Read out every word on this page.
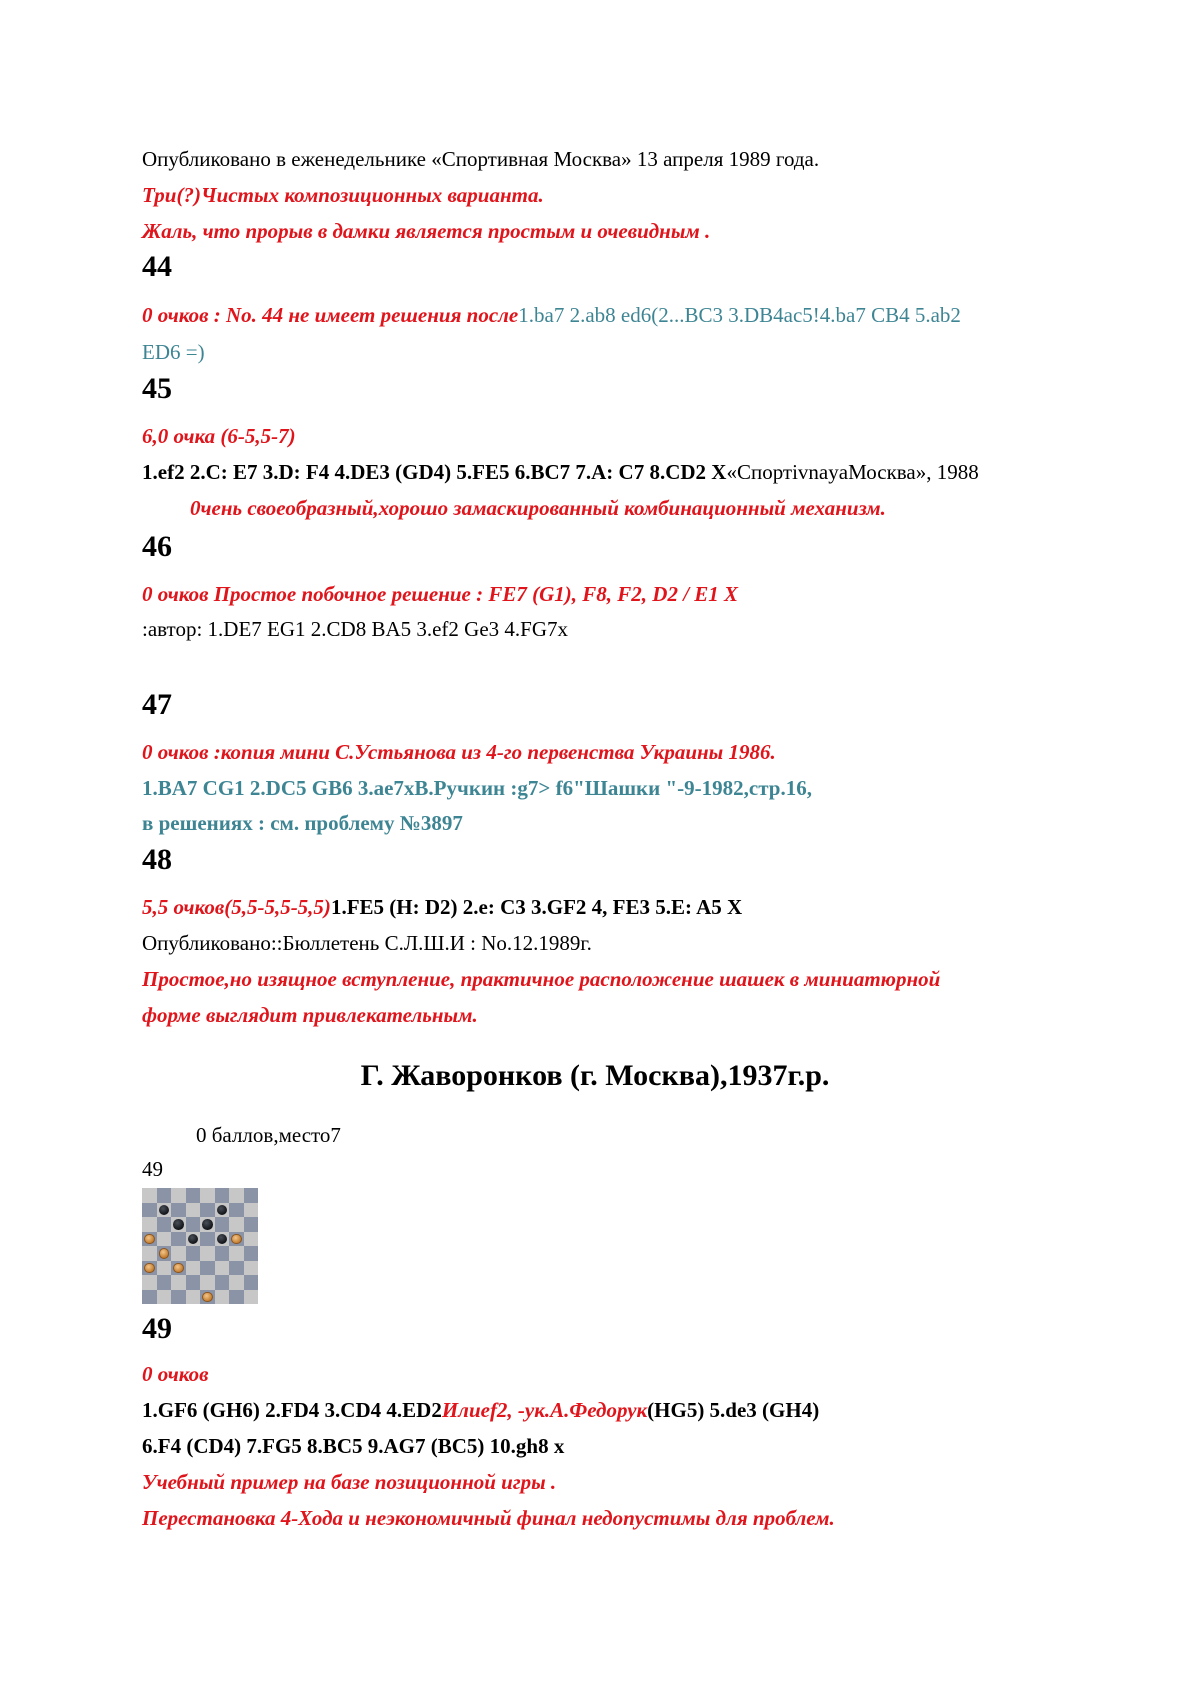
Опубликовано в еженедельнике «Спортивная Москва» 13 апреля 1989 года.
Три(?)Чистых композиционных варианта.
Жаль, что прорыв в дамки является простым и очевидным .
44
0 очков : No. 44 не имеет решения после1.ba7 2.ab8 ed6(2...BC3 3.DB4ac5!4.ba7 CB4 5.ab2
ED6 =)
45
6,0 очка (6-5,5-7)
1.ef2 2.C: E7 3.D: F4 4.DE3 (GD4) 5.FE5 6.BC7 7.A: C7 8.CD2 X«СпортivnayaМосква», 1988
0чень своеобразный,хорошо замаскированный комбинационный механизм.
46
0 очков Простое побочное решение : FE7 (G1), F8, F2, D2 / E1 X
:автор: 1.DE7 EG1 2.CD8 BA5 3.ef2 Ge3 4.FG7x
47
0 очков :копия мини С.Устьянова из 4-го первенства Украины 1986.
1.BA7 CG1 2.DC5 GB6 3.ae7xВ.Ручкин :g7> f6"Шашки "-9-1982,стр.16,
в решениях : см. проблему №3897
48
5,5 очков(5,5-5,5-5,5)1.FE5 (H: D2) 2.e: C3 3.GF2 4, FE3 5.E: A5 X
Опубликовано::Бюллетень С.Л.Ш.И : No.12.1989г.
Простое,но изящное вступление, практичное расположение шашек в миниатюрной
форме выглядит привлекательным.
Г. Жаворонков (г. Москва),1937г.р.
0 баллов,место7
49
49
0 очков
1.GF6 (GH6) 2.FD4 3.CD4 4.ED2Илиеf2, -ук.А.Федорук(HG5) 5.de3 (GH4)
6.F4 (CD4) 7.FG5 8.BC5 9.AG7 (BC5) 10.gh8 x
Учебный пример на базе позиционной игры .
Перестановка 4-Хода и неэкономичный финал недопустимы для проблем.
